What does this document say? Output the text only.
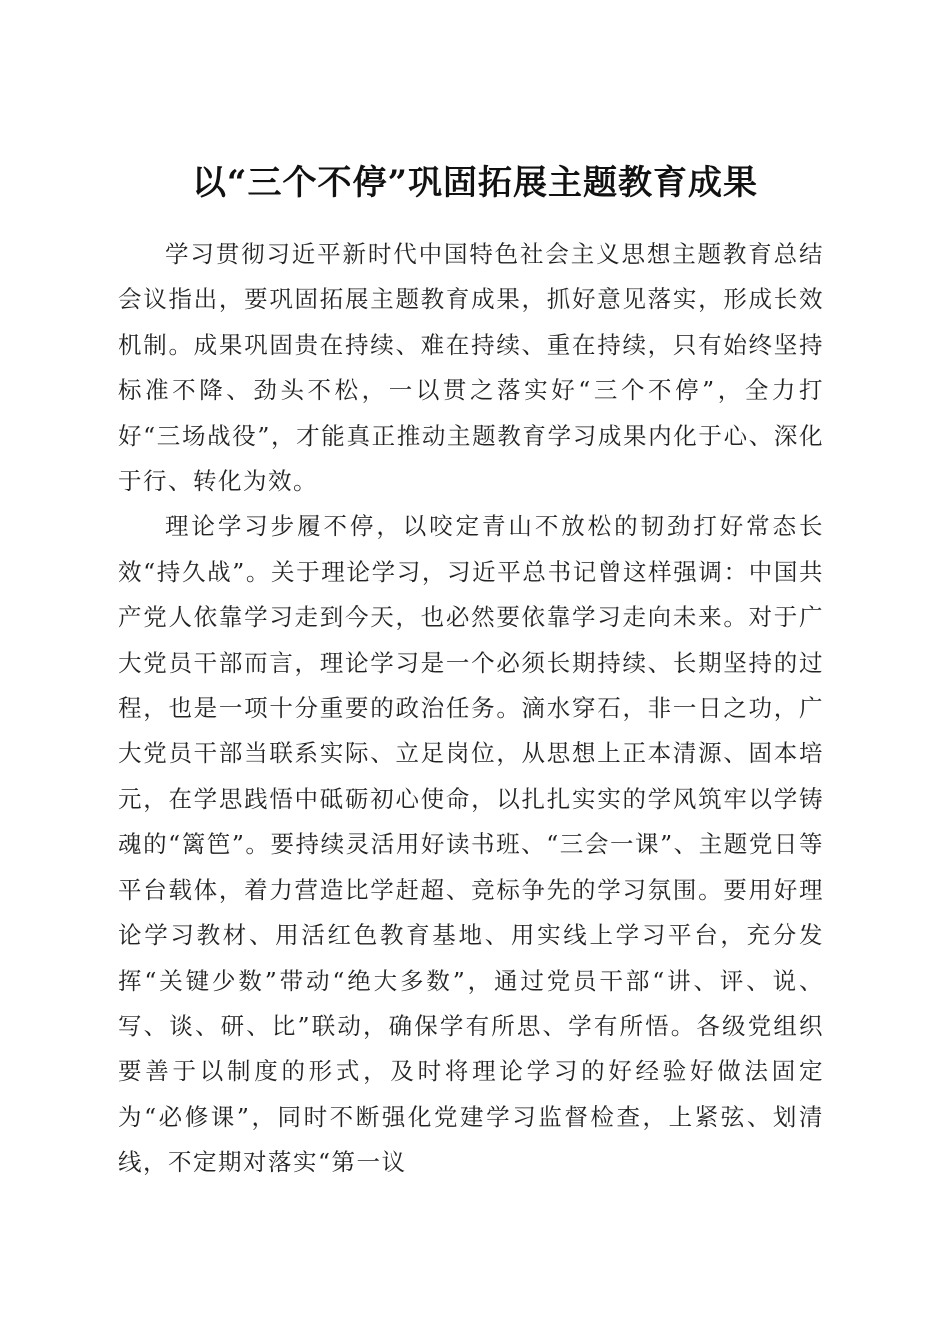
以“三个不停”巩固拓展主题教育成果

学习贯彻习近平新时代中国特色社会主义思想主题教育总结会议指出，要巩固拓展主题教育成果，抓好意见落实，形成长效机制。成果巩固贵在持续、难在持续、重在持续，只有始终坚持标准不降、劲头不松，一以贯之落实好“三个不停”，全力打好“三场战役”，才能真正推动主题教育学习成果内化于心、深化于行、转化为效。

理论学习步履不停，以咬定青山不放松的韧劲打好常态长效“持久战”。关于理论学习，习近平总书记曾这样强调：中国共产党人依靠学习走到今天，也必然要依靠学习走向未来。对于广大党员干部而言，理论学习是一个必须长期持续、长期坚持的过程，也是一项十分重要的政治任务。滴水穿石，非一日之功，广大党员干部当联系实际、立足岗位，从思想上正本清源、固本培元，在学思践悟中砥砺初心使命，以扎扎实实的学风筑牢以学铸魂的“篱笆”。要持续灵活用好读书班、“三会一课”、主题党日等平台载体，着力营造比学赶超、竞标争先的学习氛围。要用好理论学习教材、用活红色教育基地、用实线上学习平台，充分发挥“关键少数”带动“绝大多数”，通过党员干部“讲、评、说、写、谈、研、比”联动，确保学有所思、学有所悟。各级党组织要善于以制度的形式，及时将理论学习的好经验好做法固定为“必修课”，同时不断强化党建学习监督检查，上紧弦、划清线，不定期对落实“第一议
